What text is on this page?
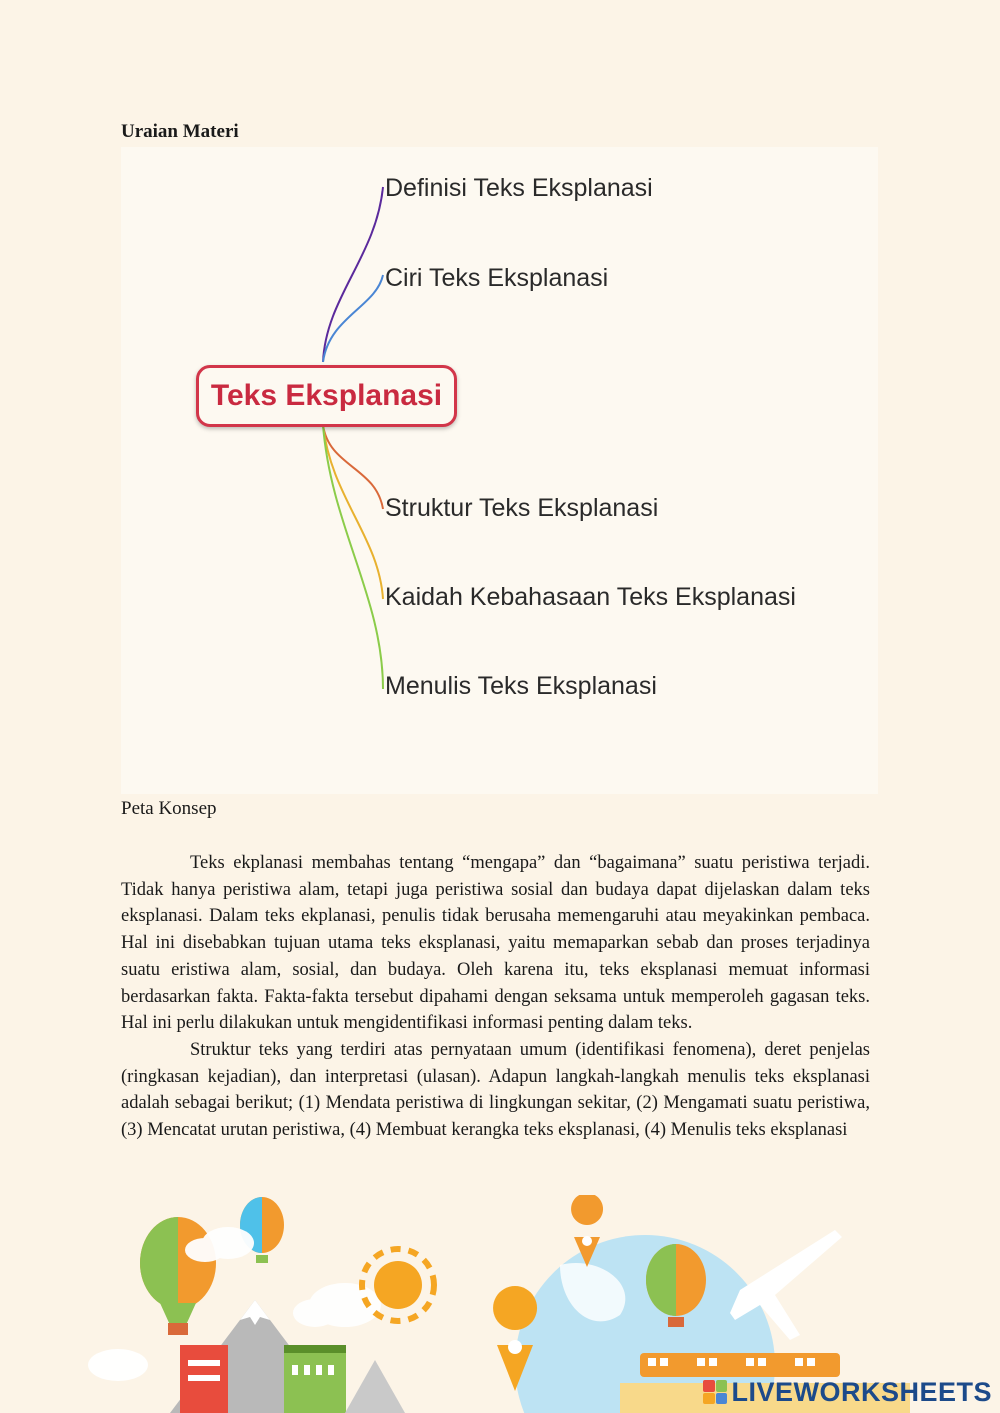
Uraian Materi
Teks Eksplanasi
Definisi Teks Eksplanasi
Ciri Teks Eksplanasi
Struktur Teks Eksplanasi
Kaidah Kebahasaan Teks Eksplanasi
Menulis Teks Eksplanasi
Peta Konsep

Teks ekplanasi membahas tentang “mengapa” dan “bagaimana” suatu peristiwa terjadi. Tidak hanya peristiwa alam, tetapi juga peristiwa sosial dan budaya dapat dijelaskan dalam teks eksplanasi. Dalam teks ekplanasi, penulis tidak berusaha memengaruhi atau meyakinkan pembaca. Hal ini disebabkan tujuan utama teks eksplanasi, yaitu memaparkan sebab dan proses terjadinya suatu eristiwa alam, sosial, dan budaya. Oleh karena itu, teks eksplanasi memuat informasi berdasarkan fakta. Fakta-fakta tersebut dipahami dengan seksama untuk memperoleh gagasan teks. Hal ini perlu dilakukan untuk mengidentifikasi informasi penting dalam teks.

Struktur teks yang terdiri atas pernyataan umum (identifikasi fenomena), deret penjelas (ringkasan kejadian), dan interpretasi (ulasan). Adapun langkah-langkah menulis teks eksplanasi adalah sebagai berikut; (1) Mendata peristiwa di lingkungan sekitar, (2) Mengamati suatu peristiwa, (3) Mencatat urutan peristiwa, (4) Membuat kerangka teks eksplanasi, (4) Menulis teks eksplanasi

LIVEWORKSHEETS
